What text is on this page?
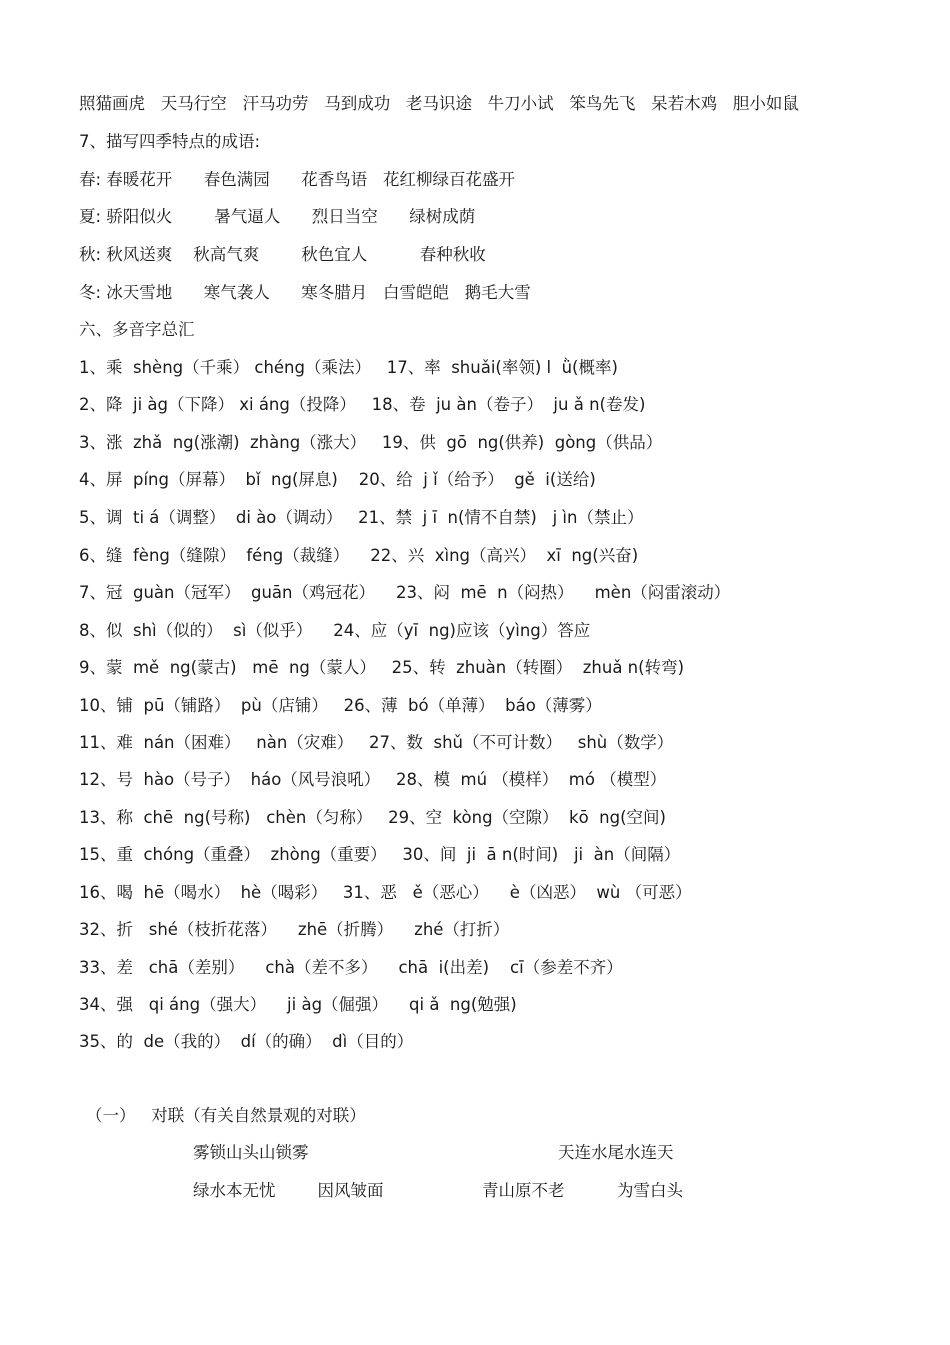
照猫画虎   天马行空   汗马功劳   马到成功   老马识途   牛刀小试   笨鸟先飞   呆若木鸡   胆小如鼠
7、描写四季特点的成语:
春: 春暖花开      春色满园      花香鸟语   花红柳绿百花盛开
夏: 骄阳似火        暑气逼人      烈日当空      绿树成荫
秋: 秋风送爽    秋高气爽        秋色宜人          春种秋收
冬: 冰天雪地      寒气袭人      寒冬腊月   白雪皑皑   鹅毛大雪
六、多音字总汇
1、乘  shèng（千乘） chéng（乘法）   17、率  shuǎi(率领) l  ǜ(概率)
2、降  ji àg（下降） xi áng（投降）   18、卷  ju àn（卷子）  ju ǎ n(卷发)
3、涨  zhǎ  ng(涨潮)  zhàng（涨大）   19、供  gō  ng(供养)  gòng（供品）
4、屏  píng（屏幕）  bǐ  ng(屏息)    20、给  j ǐ（给予）  gě  i(送给)
5、调  ti á（调整）  di ào（调动）   21、禁  j ī  n(情不自禁)   j ìn（禁止）
6、缝  fèng（缝隙）  féng（裁缝）    22、兴  xìng（高兴）  xī  ng(兴奋)
7、冠  guàn（冠军）  guān（鸡冠花）    23、闷  mē  n（闷热）    mèn（闷雷滚动）
8、似  shì（似的）  sì（似乎）    24、应（yī  ng)应该（yìng）答应
9、蒙  mě  ng(蒙古)   mē  ng（蒙人）   25、转  zhuàn（转圈）  zhuǎ n(转弯)
10、铺  pū（铺路）  pù（店铺）   26、薄  bó（单薄）  báo（薄雾）
11、难  nán（困难）   nàn（灾难）   27、数  shǔ（不可计数）   shù（数学）
12、号  hào（号子）  háo（风号浪吼）   28、模  mú （模样）  mó （模型）
13、称  chē  ng(号称)   chèn（匀称）   29、空  kòng（空隙）  kō  ng(空间)
15、重  chóng（重叠）  zhòng（重要）   30、间  ji  ā n(时间)   ji  àn（间隔）
16、喝  hē（喝水）  hè（喝彩）   31、恶   ě（恶心）    è（凶恶）  wù （可恶）
32、折   shé（枝折花落）    zhē（折腾）    zhé（打折）
33、差   chā（差别）    chà（差不多）    chā  i(出差)    cī（参差不齐）
34、强   qi áng（强大）    ji àg（倔强）    qi ǎ  ng(勉强)
35、的  de（我的）  dí（的确）  dì（目的）
（一）   对联（有关自然景观的对联）
雾锁山头山锁雾	天连水尾水连天
绿水本无忧        因风皱面	青山原不老          为雪白头
